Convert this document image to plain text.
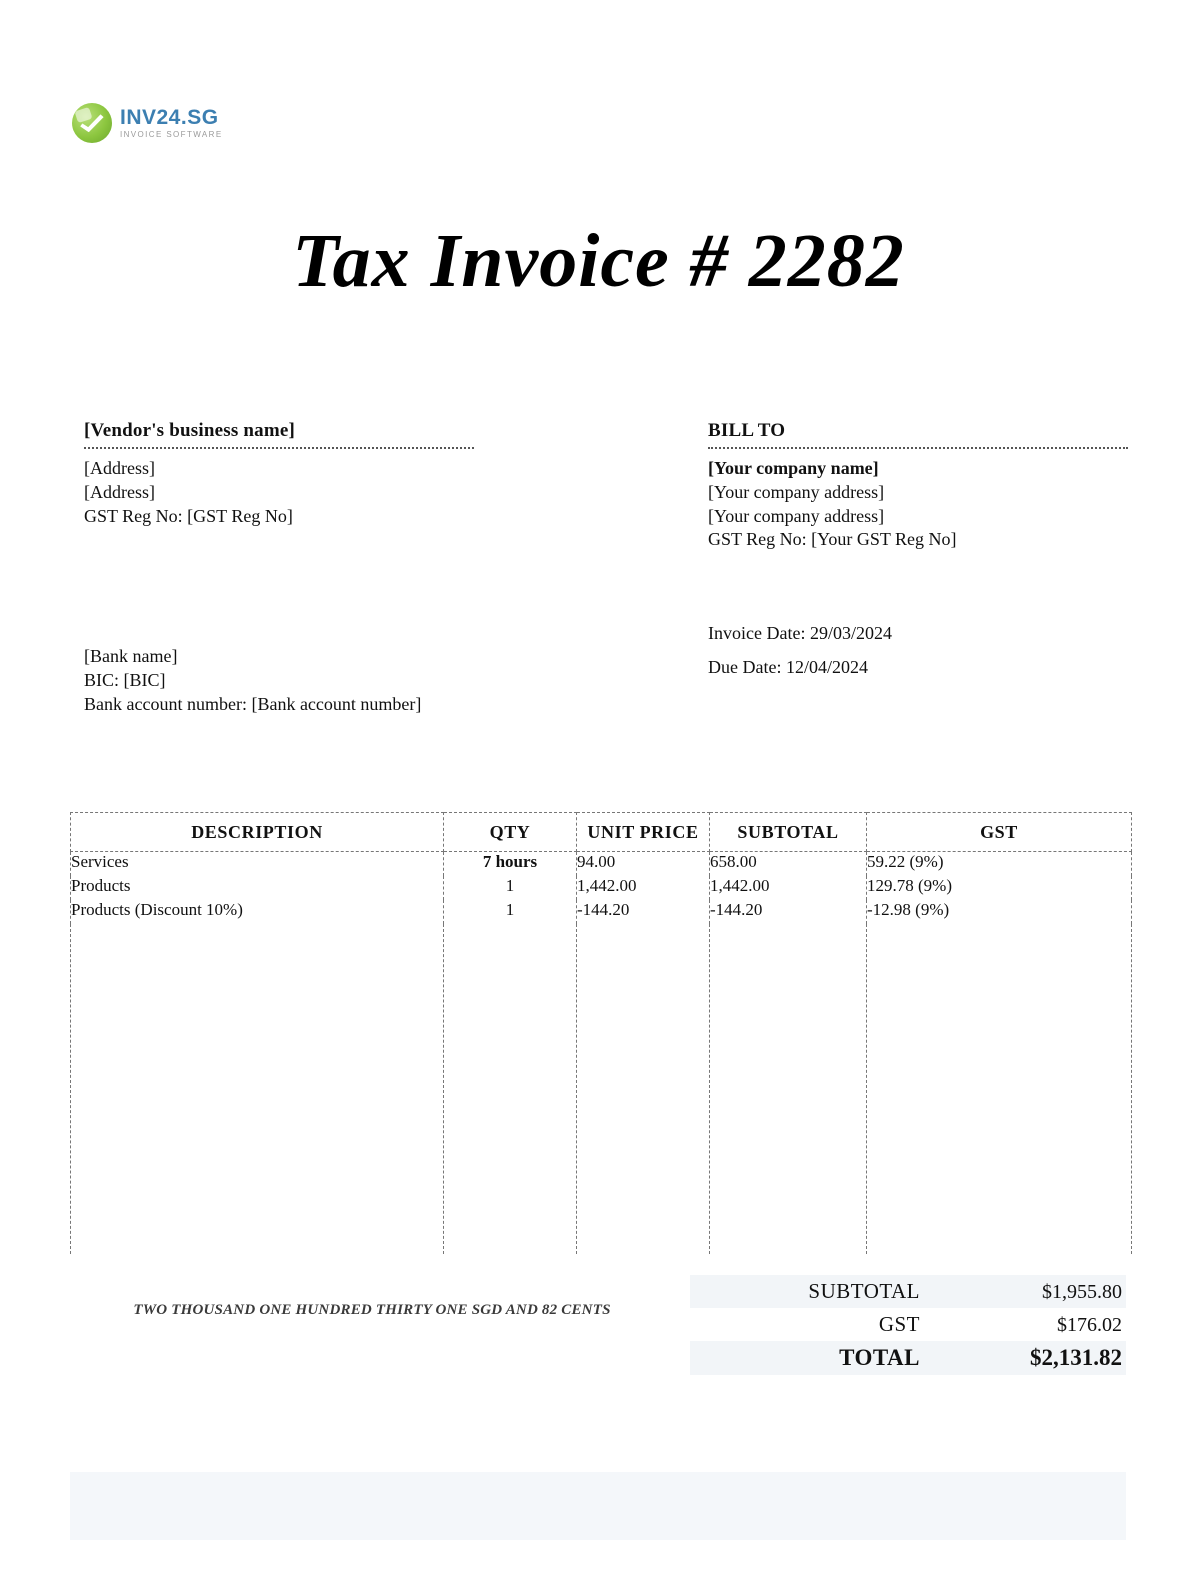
INV24.SG
INVOICE SOFTWARE
Tax Invoice # 2282
[Vendor's business name]
[Address]
[Address]
GST Reg No: [GST Reg No]
BILL TO
[Your company name]
[Your company address]
[Your company address]
GST Reg No: [Your GST Reg No]
Invoice Date: 29/03/2024
Due Date: 12/04/2024
[Bank name]
BIC: [BIC]
Bank account number: [Bank account number]
DESCRIPTION	QTY	UNIT PRICE	SUBTOTAL	GST
Services	7 hours	94.00	658.00	59.22 (9%)
Products	1	1,442.00	1,442.00	129.78 (9%)
Products (Discount 10%)	1	-144.20	-144.20	-12.98 (9%)

TWO THOUSAND ONE HUNDRED THIRTY ONE SGD AND 82 CENTS
SUBTOTAL	$1,955.80
GST	$176.02
TOTAL	$2,131.82
